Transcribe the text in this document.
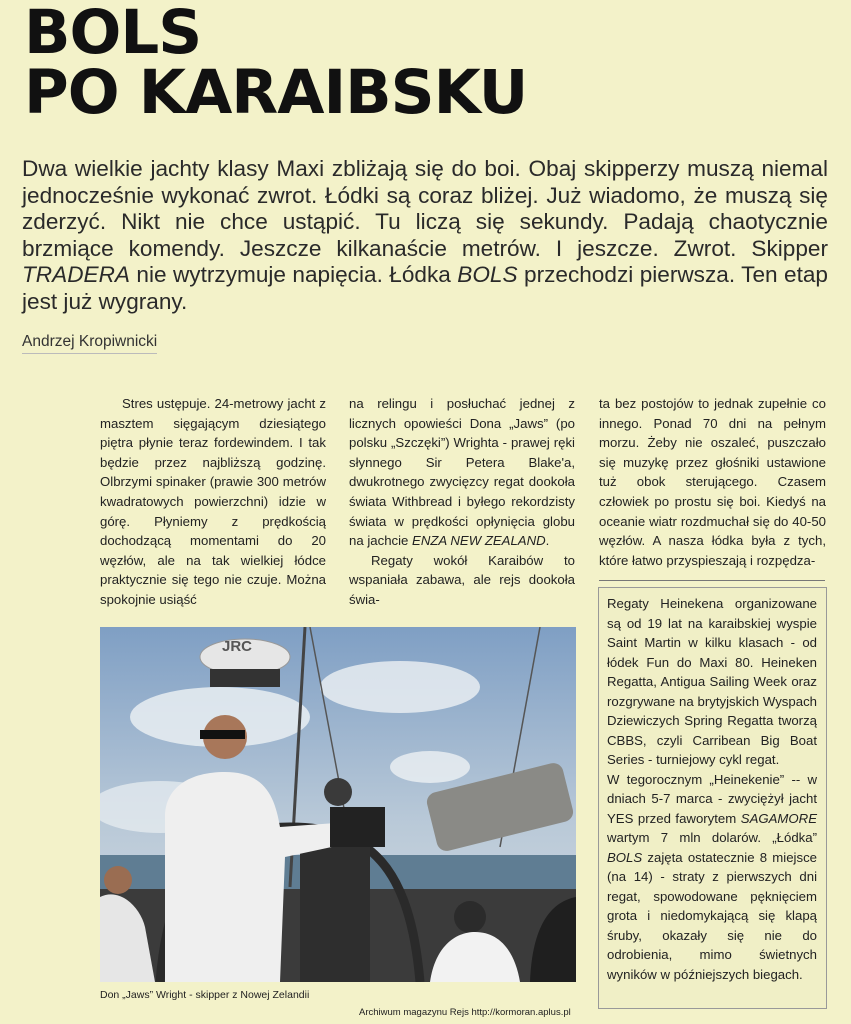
BOLS
PO KARAIBSKU

Dwa wielkie jachty klasy Maxi zbliżają się do boi. Obaj skipperzy muszą niemal jednocześnie wykonać zwrot. Łódki są coraz bliżej. Już wiadomo, że muszą się zderzyć. Nikt nie chce ustąpić. Tu liczą się sekundy. Padają chaotycznie brzmiące komendy. Jeszcze kilkanaście metrów. I jeszcze. Zwrot. Skipper TRADERA nie wytrzymuje napięcia. Łódka BOLS przechodzi pierwsza. Ten etap jest już wygrany.

Andrzej Kropiwnicki

Stres ustępuje. 24-metrowy jacht z masztem sięgającym dziesiątego piętra płynie teraz fordewindem. I tak będzie przez najbliższą godzinę. Olbrzymi spinaker (prawie 300 metrów kwadratowych powierzchni) idzie w górę. Płyniemy z prędkością dochodzącą momentami do 20 węzłów, ale na tak wielkiej łódce praktycznie się tego nie czuje. Można spokojnie usiąść

na relingu i posłuchać jednej z licznych opowieści Dona „Jaws” (po polsku „Szczęki”) Wrighta - prawej ręki słynnego Sir Petera Blake'a, dwukrotnego zwycięzcy regat dookoła świata Withbread i byłego rekordzisty świata w prędkości opłynięcia globu na jachcie ENZA NEW ZEALAND.
Regaty wokół Karaibów to wspaniała zabawa, ale rejs dookoła świa-

ta bez postojów to jednak zupełnie co innego. Ponad 70 dni na pełnym morzu. Żeby nie oszaleć, puszczało się muzykę przez głośniki ustawione tuż obok sterującego. Czasem człowiek po prostu się boi. Kiedyś na oceanie wiatr rozdmuchał się do 40-50 węzłów. A nasza łódka była z tych, które łatwo przyspieszają i rozpędza-

Regaty Heinekena organizowane są od 19 lat na karaibskiej wyspie Saint Martin w kilku klasach - od łódek Fun do Maxi 80. Heineken Regatta, Antigua Sailing Week oraz rozgrywane na brytyjskich Wyspach Dziewiczych Spring Regatta tworzą CBBS, czyli Carribean Big Boat Series - turniejowy cykl regat.

W tegorocznym „Heinekenie” -- w dniach 5-7 marca - zwyciężył jacht YES przed faworytem SAGAMORE wartym 7 mln dolarów. „Łódka” BOLS zajęta ostatecznie 8 miejsce (na 14) - straty z pierwszych dni regat, spowodowane pęknięciem grota i niedomykającą się klapą śruby, okazały się nie do odrobienia, mimo świetnych wyników w późniejszych biegach.

JRC

Don „Jaws” Wright - skipper z Nowej Zelandii

Archiwum magazynu Rejs http://kormoran.aplus.pl
